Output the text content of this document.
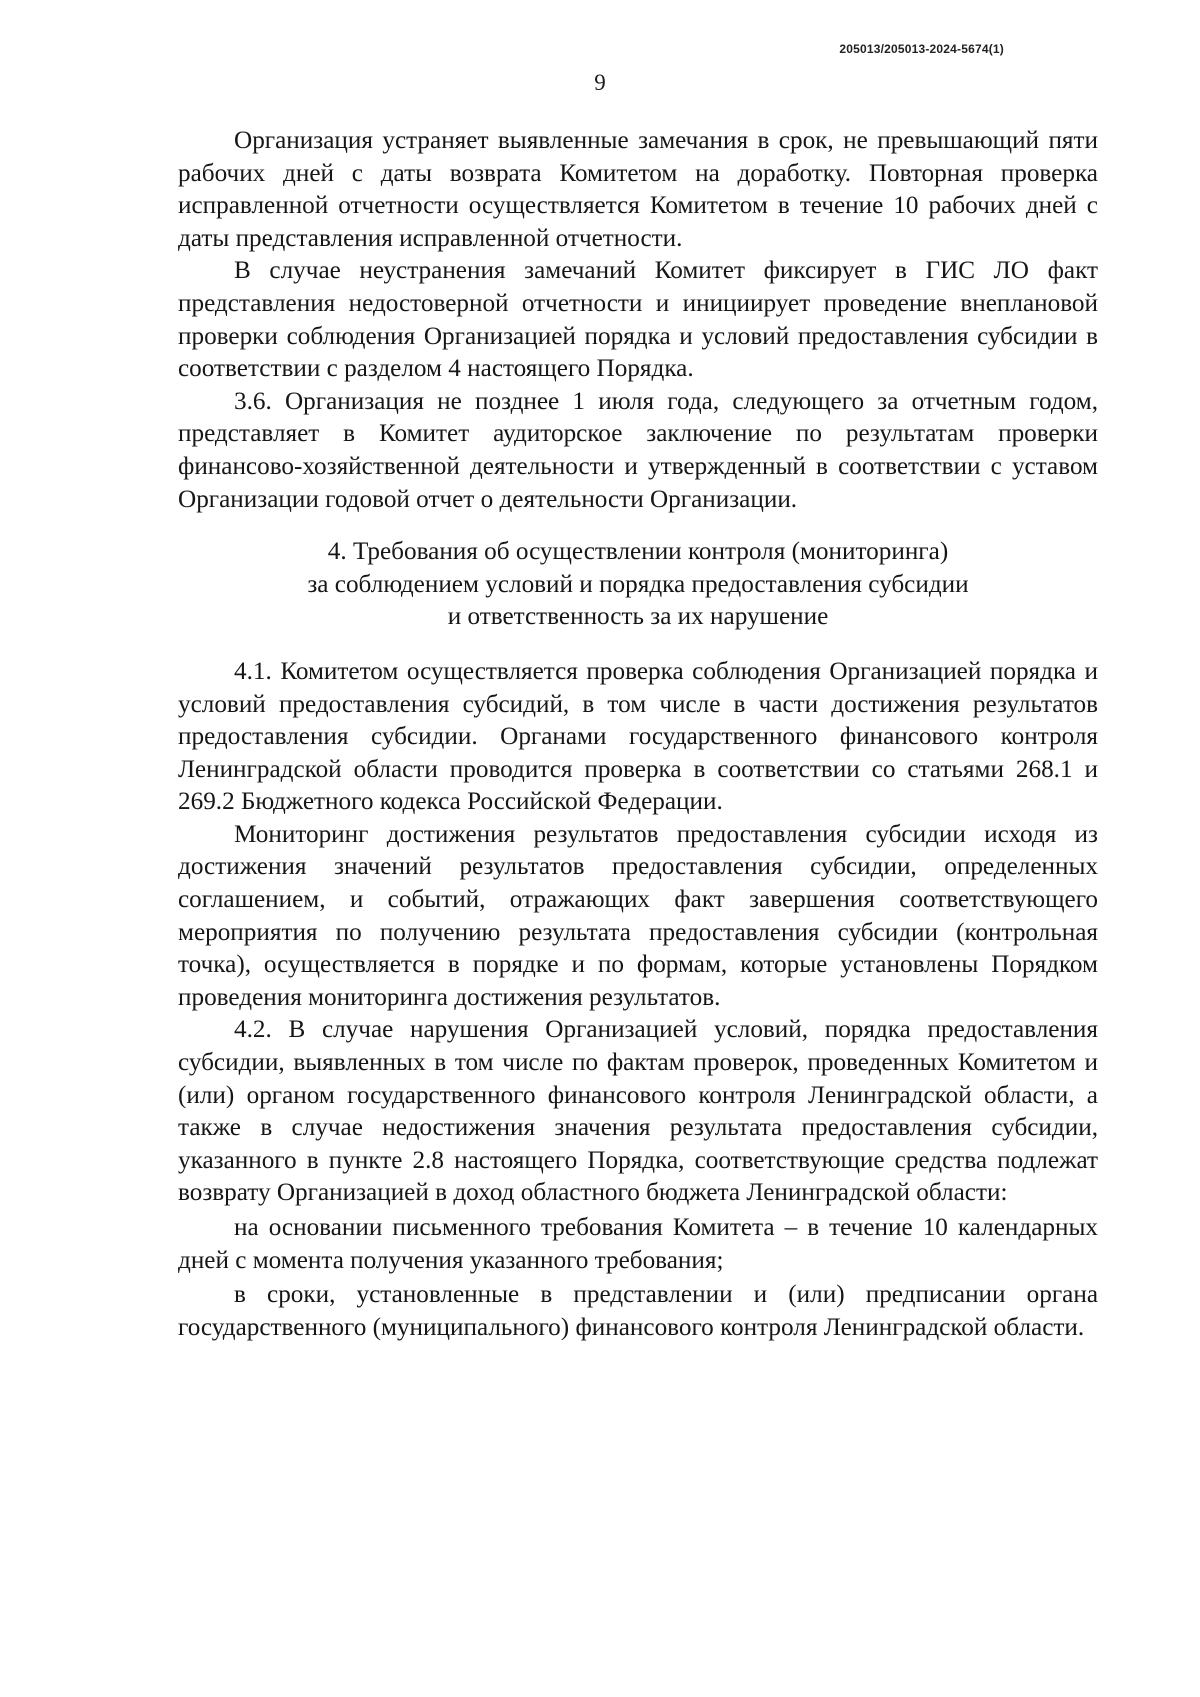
205013/205013-2024-5674(1)
9

Организация устраняет выявленные замечания в срок, не превышающий пяти рабочих дней с даты возврата Комитетом на доработку. Повторная проверка исправленной отчетности осуществляется Комитетом в течение 10 рабочих дней с даты представления исправленной отчетности.

В случае неустранения замечаний Комитет фиксирует в ГИС ЛО факт представления недостоверной отчетности и инициирует проведение внеплановой проверки соблюдения Организацией порядка и условий предоставления субсидии в соответствии с разделом 4 настоящего Порядка.

3.6. Организация не позднее 1 июля года, следующего за отчетным годом, представляет в Комитет аудиторское заключение по результатам проверки финансово-хозяйственной деятельности и утвержденный в соответствии с уставом Организации годовой отчет о деятельности Организации.

4. Требования об осуществлении контроля (мониторинга)
за соблюдением условий и порядка предоставления субсидии
и ответственность за их нарушение

4.1. Комитетом осуществляется проверка соблюдения Организацией порядка и условий предоставления субсидий, в том числе в части достижения результатов предоставления субсидии. Органами государственного финансового контроля Ленинградской области проводится проверка в соответствии со статьями 268.1 и 269.2 Бюджетного кодекса Российской Федерации.

Мониторинг достижения результатов предоставления субсидии исходя из достижения значений результатов предоставления субсидии, определенных соглашением, и событий, отражающих факт завершения соответствующего мероприятия по получению результата предоставления субсидии (контрольная точка), осуществляется в порядке и по формам, которые установлены Порядком проведения мониторинга достижения результатов.

4.2. В случае нарушения Организацией условий, порядка предоставления субсидии, выявленных в том числе по фактам проверок, проведенных Комитетом и (или) органом государственного финансового контроля Ленинградской области, а также в случае недостижения значения результата предоставления субсидии, указанного в пункте 2.8 настоящего Порядка, соответствующие средства подлежат возврату Организацией в доход областного бюджета Ленинградской области:

на основании письменного требования Комитета – в течение 10 календарных дней с момента получения указанного требования;

в сроки, установленные в представлении и (или) предписании органа государственного (муниципального) финансового контроля Ленинградской области.
